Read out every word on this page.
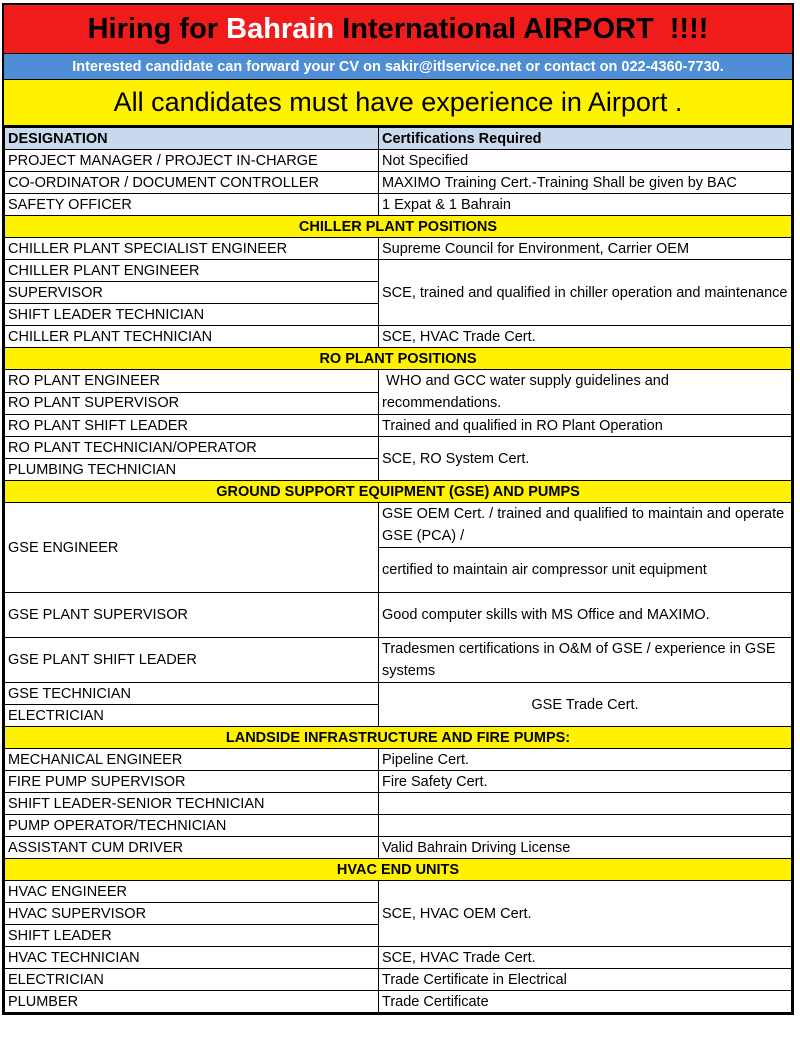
Hiring for Bahrain International AIRPORT  !!!!
Interested candidate can forward your CV on sakir@itlservice.net or contact on 022-4360-7730.
All candidates must have experience in Airport .
DESIGNATION	Certifications Required
PROJECT MANAGER / PROJECT IN-CHARGE	Not Specified
CO-ORDINATOR / DOCUMENT CONTROLLER	MAXIMO Training Cert.-Training Shall be given by BAC
SAFETY OFFICER	1 Expat & 1 Bahrain
CHILLER PLANT POSITIONS	
CHILLER PLANT SPECIALIST ENGINEER	Supreme Council for Environment, Carrier OEM
CHILLER PLANT ENGINEER	SCE, trained and qualified in chiller operation and maintenance
SUPERVISOR	
SHIFT LEADER TECHNICIAN	
CHILLER PLANT TECHNICIAN	SCE, HVAC Trade Cert.
RO PLANT POSITIONS	
RO PLANT ENGINEER	WHO and GCC water supply guidelines and recommendations.
RO PLANT SUPERVISOR	
RO PLANT SHIFT LEADER	Trained and qualified in RO Plant Operation
RO PLANT TECHNICIAN/OPERATOR	SCE, RO System Cert.
PLUMBING TECHNICIAN	
GROUND SUPPORT EQUIPMENT (GSE) AND PUMPS	
GSE ENGINEER	GSE OEM Cert. / trained and qualified to maintain and operate GSE (PCA) /
	certified to maintain air compressor unit equipment
GSE PLANT SUPERVISOR	Good computer skills with MS Office and MAXIMO.
GSE PLANT SHIFT LEADER	Tradesmen certifications in O&M of GSE / experience in GSE systems
GSE TECHNICIAN	GSE Trade Cert.
ELECTRICIAN	
LANDSIDE INFRASTRUCTURE AND FIRE PUMPS:	
MECHANICAL ENGINEER	Pipeline Cert.
FIRE PUMP SUPERVISOR	Fire Safety Cert.
SHIFT LEADER-SENIOR TECHNICIAN	
PUMP OPERATOR/TECHNICIAN	
ASSISTANT CUM DRIVER	Valid Bahrain Driving License
HVAC END UNITS	
HVAC ENGINEER	SCE, HVAC OEM Cert.
HVAC SUPERVISOR	
SHIFT LEADER	
HVAC TECHNICIAN	SCE, HVAC Trade Cert.
ELECTRICIAN	Trade Certificate in Electrical
PLUMBER	Trade Certificate
